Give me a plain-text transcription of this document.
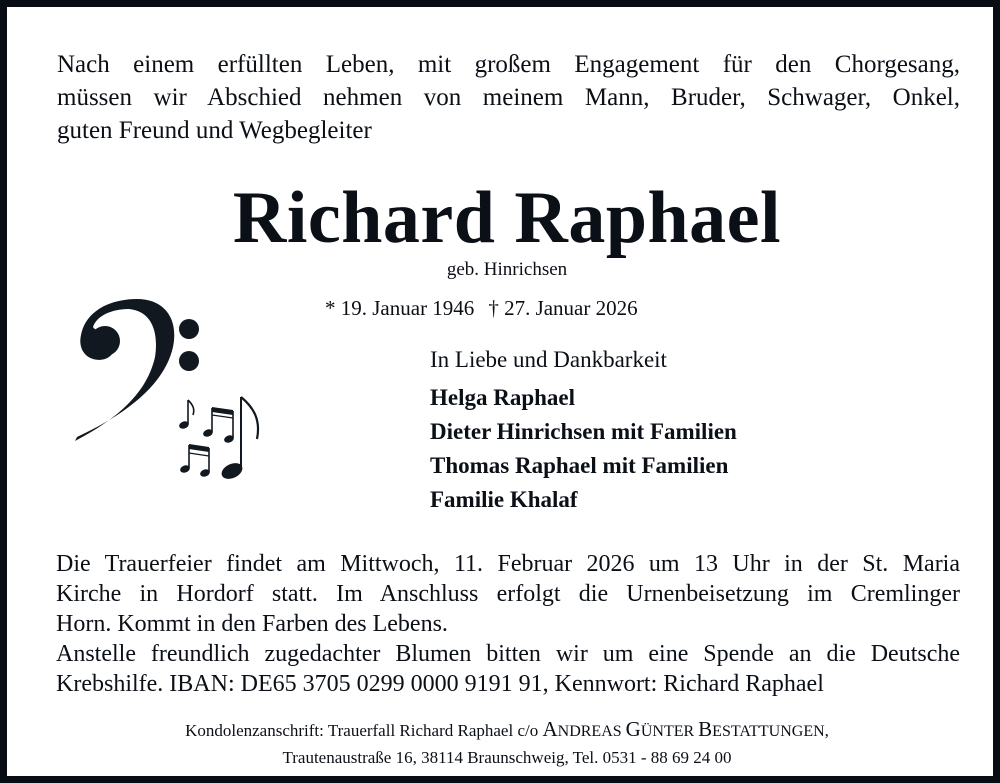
Nach einem erfüllten Leben, mit großem Engagement für den Chorgesang,
müssen wir Abschied nehmen von meinem Mann, Bruder, Schwager, Onkel,
guten Freund und Wegbegleiter

Richard Raphael
geb. Hinrichsen
* 19. Januar 1946 † 27. Januar 2026
In Liebe und Dankbarkeit
Helga Raphael
Dieter Hinrichsen mit Familien
Thomas Raphael mit Familien
Familie Khalaf
Die Trauerfeier findet am Mittwoch, 11. Februar 2026 um 13 Uhr in der St. Maria
Kirche in Hordorf statt. Im Anschluss erfolgt die Urnenbeisetzung im Cremlinger
Horn. Kommt in den Farben des Lebens.
Anstelle freundlich zugedachter Blumen bitten wir um eine Spende an die Deutsche
Krebshilfe. IBAN: DE65 3705 0299 0000 9191 91, Kennwort: Richard Raphael
Kondolenzanschrift: Trauerfall Richard Raphael c/o ANDREAS GÜNTER BESTATTUNGEN,
Trautenaustraße 16, 38114 Braunschweig, Tel. 0531 - 88 69 24 00
